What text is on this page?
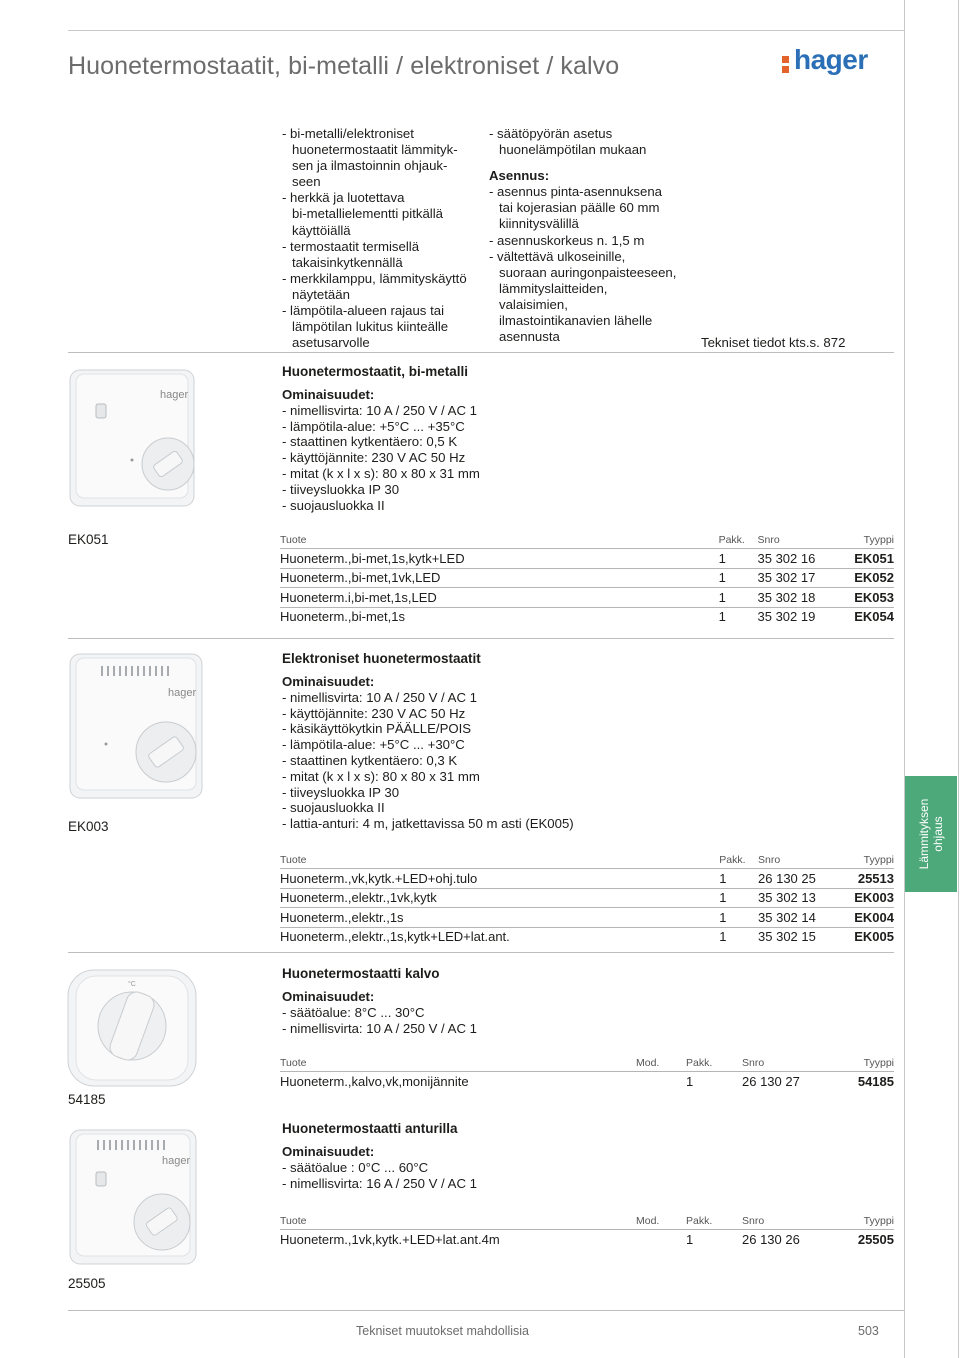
Huonetermostaatit, bi-metalli / elektroniset / kalvo	hager
- bi-metalli/elektroniset
huonetermostaatit lämmityk-
sen ja ilmastoinnin ohjauk-
seen
- herkkä ja luotettava
bi-metallielementti pitkällä
käyttöiällä
- termostaatit termisellä
takaisinkytkennällä
- merkkilamppu, lämmityskäyttö
näytetään
- lämpötila-alueen rajaus tai
lämpötilan lukitus kiinteälle
asetusarvolle
- säätöpyörän asetus
huonelämpötilan mukaan
Asennus:
- asennus pinta-asennuksena
tai kojerasian päälle 60 mm
kiinnitysvälillä
- asennuskorkeus n. 1,5 m
- vältettävä ulkoseinille,
suoraan auringonpaisteeseen,
lämmityslaitteiden,
valaisimien,
ilmastointikanavien lähelle
asennusta	Tekniset tiedot kts.s. 872
hager
Huonetermostaatit, bi-metalli
Ominaisuudet:
- nimellisvirta: 10 A / 250 V / AC 1
- lämpötila-alue: +5°C ... +35°C
- staattinen kytkentäero: 0,5 K
- käyttöjännite: 230 V AC 50 Hz
- mitat (k x l x s): 80 x 80 x 31 mm
- tiiveysluokka IP 30
- suojausluokka II
EK051	Tuote		Pakk.	Snro	Tyyppi
Huoneterm.,bi-met,1s,kytk+LED		1	35 302 16	EK051
Huoneterm.,bi-met,1vk,LED		1	35 302 17	EK052
Huoneterm.i,bi-met,1s,LED		1	35 302 18	EK053
Huoneterm.,bi-met,1s		1	35 302 19	EK054
hager
Elektroniset huonetermostaatit
Ominaisuudet:
- nimellisvirta: 10 A / 250 V / AC 1
- käyttöjännite: 230 V AC 50 Hz
- käsikäyttökytkin PÄÄLLE/POIS
- lämpötila-alue: +5°C ... +30°C
- staattinen kytkentäero: 0,3 K
- mitat (k x l x s): 80 x 80 x 31 mm
- tiiveysluokka IP 30
- suojausluokka II
- lattia-anturi: 4 m, jatkettavissa 50 m asti (EK005)
EK003
Tuote		Pakk.	Snro	Tyyppi
Huoneterm.,vk,kytk.+LED+ohj.tulo		1	26 130 25	25513
Huoneterm.,elektr.,1vk,kytk		1	35 302 13	EK003
Huoneterm.,elektr.,1s		1	35 302 14	EK004
Huoneterm.,elektr.,1s,kytk+LED+lat.ant.		1	35 302 15	EK005
Lämmityksen ohjaus
°C
Huonetermostaatti kalvo
Ominaisuudet:
- säätöalue: 8°C ... 30°C
- nimellisvirta: 10 A / 250 V / AC 1
54185
Tuote	Mod.	Pakk.	Snro	Tyyppi
Huoneterm.,kalvo,vk,monijännite		1	26 130 27	54185
hager
Huonetermostaatti anturilla
Ominaisuudet:
- säätöalue : 0°C ... 60°C
- nimellisvirta: 16 A / 250 V / AC 1
25505
Tuote	Mod.	Pakk.	Snro	Tyyppi
Huoneterm.,1vk,kytk.+LED+lat.ant.4m		1	26 130 26	25505
Tekniset muutokset mahdollisia	503
